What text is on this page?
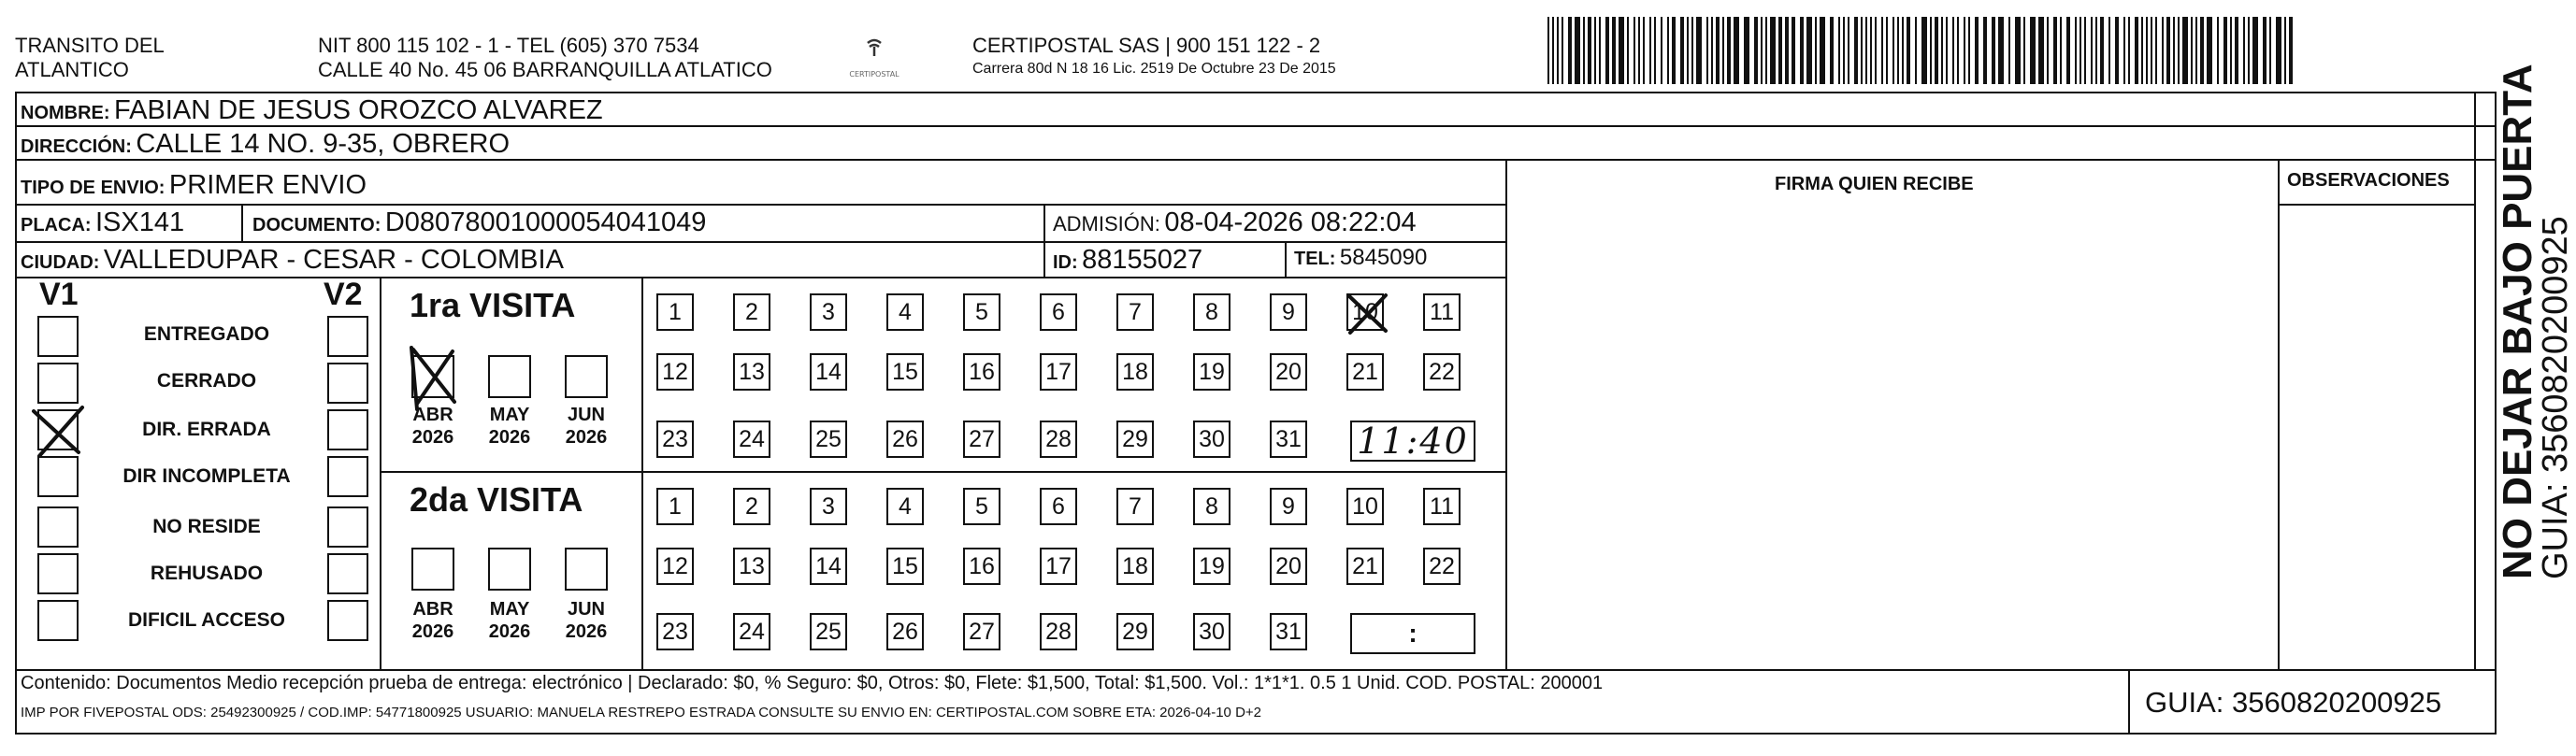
TRANSITO DEL
ATLANTICO
NIT 800 115 102 - 1 - TEL (605) 370 7534
CALLE 40 No. 45 06 BARRANQUILLA ATLATICO	CERTIPOSTAL
CERTIPOSTAL SAS | 900 151 122 - 2
Carrera 80d N 18 16 Lic. 2519 De Octubre 23 De 2015
NOMBRE: FABIAN DE JESUS OROZCO ALVAREZ
DIRECCIÓN: CALLE 14 NO. 9-35, OBRERO
TIPO DE ENVIO: PRIMER ENVIO	FIRMA QUIEN RECIBE	OBSERVACIONES
PLACA: ISX141	DOCUMENTO: D08078001000054041049	ADMISIÓN: 08-04-2026 08:22:04
CIUDAD: VALLEDUPAR - CESAR - COLOMBIA	ID: 88155027	TEL: 5845090
V1	V2
ENTREGADO
CERRADO
DIR. ERRADA
DIR INCOMPLETA
NO RESIDE
REHUSADO
DIFICIL ACCESO
1ra VISITA
ABR
2026
MAY
2026
JUN
2026
2da VISITA
ABR
2026
MAY
2026
JUN
2026
1	2	3	4	5	6	7	8	9	10 11
12 13 14 15 16 17 18 19 20 21 22
23 24 25 26 27 28 29 30 31
1	2	3	4	5	6	7	8	9	10 11
12 13 14 15 16 17 18 19 20 21 22
23 24 25 26 27 28 29 30 31
11:40
:
Contenido: Documentos Medio recepción prueba de entrega: electrónico | Declarado: $0, % Seguro: $0, Otros: $0, Flete: $1,500, Total: $1,500. Vol.: 1*1*1. 0.5 1 Unid. COD. POSTAL: 200001
IMP POR FIVEPOSTAL ODS: 25492300925 / COD.IMP: 54771800925 USUARIO: MANUELA RESTREPO ESTRADA CONSULTE SU ENVIO EN: CERTIPOSTAL.COM SOBRE ETA: 2026-04-10 D+2	GUIA: 3560820200925
NO DEJAR BAJO PUERTA
GUIA: 3560820200925
